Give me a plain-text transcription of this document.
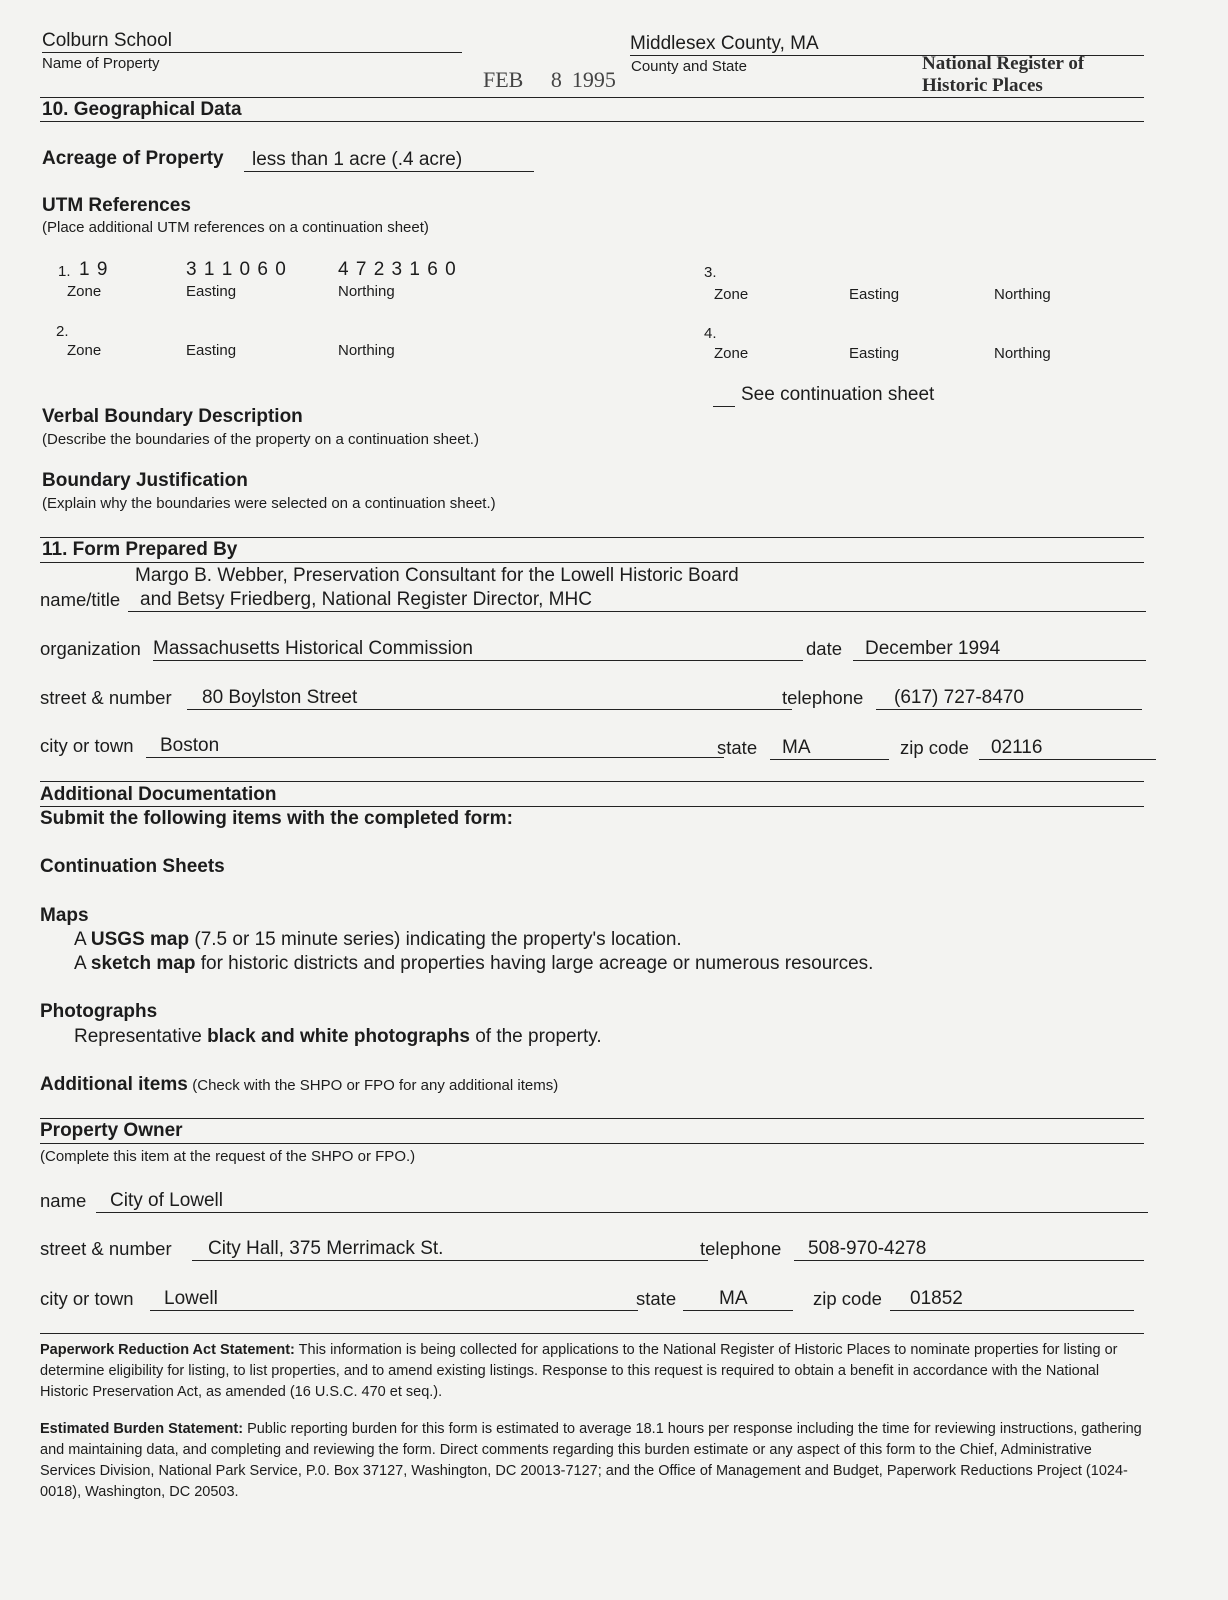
Colburn School
Name of Property
FEB 8 1995
Middlesex County, MA
County and State	National Register of
Historic Places
10. Geographical Data
Acreage of Property	less than 1 acre (.4 acre)
UTM References
(Place additional UTM references on a continuation sheet)
1. 1 9	3 1 1 0 6 0	4 7 2 3 1 6 0
Zone	Easting	Northing
2.
Zone	Easting	Northing
3.
Zone	Easting	Northing
4.
Zone	Easting	Northing
See continuation sheet
Verbal Boundary Description
(Describe the boundaries of the property on a continuation sheet.)
Boundary Justification
(Explain why the boundaries were selected on a continuation sheet.)
11. Form Prepared By
Margo B. Webber, Preservation Consultant for the Lowell Historic Board
name/title	and Betsy Friedberg, National Register Director, MHC
organization Massachusetts Historical Commission	date	December 1994
street & number	80 Boylston Street	telephone	(617) 727-8470
city or town	Boston	state	MA	zip code	02116
Additional Documentation
Submit the following items with the completed form:
Continuation Sheets
Maps
A USGS map (7.5 or 15 minute series) indicating the property's location.
A sketch map for historic districts and properties having large acreage or numerous resources.
Photographs
Representative black and white photographs of the property.
Additional items (Check with the SHPO or FPO for any additional items)
Property Owner
(Complete this item at the request of the SHPO or FPO.)
name	City of Lowell
street & number	City Hall, 375 Merrimack St.	telephone	508-970-4278
city or town	Lowell	state	MA	zip code	01852
Paperwork Reduction Act Statement: This information is being collected for applications to the National Register of Historic Places to nominate properties for listing or determine eligibility for listing, to list properties, and to amend existing listings. Response to this request is required to obtain a benefit in accordance with the National Historic Preservation Act, as amended (16 U.S.C. 470 et seq.).
Estimated Burden Statement: Public reporting burden for this form is estimated to average 18.1 hours per response including the time for reviewing instructions, gathering and maintaining data, and completing and reviewing the form. Direct comments regarding this burden estimate or any aspect of this form to the Chief, Administrative Services Division, National Park Service, P.0. Box 37127, Washington, DC 20013-7127; and the Office of Management and Budget, Paperwork Reductions Project (1024-0018), Washington, DC 20503.
